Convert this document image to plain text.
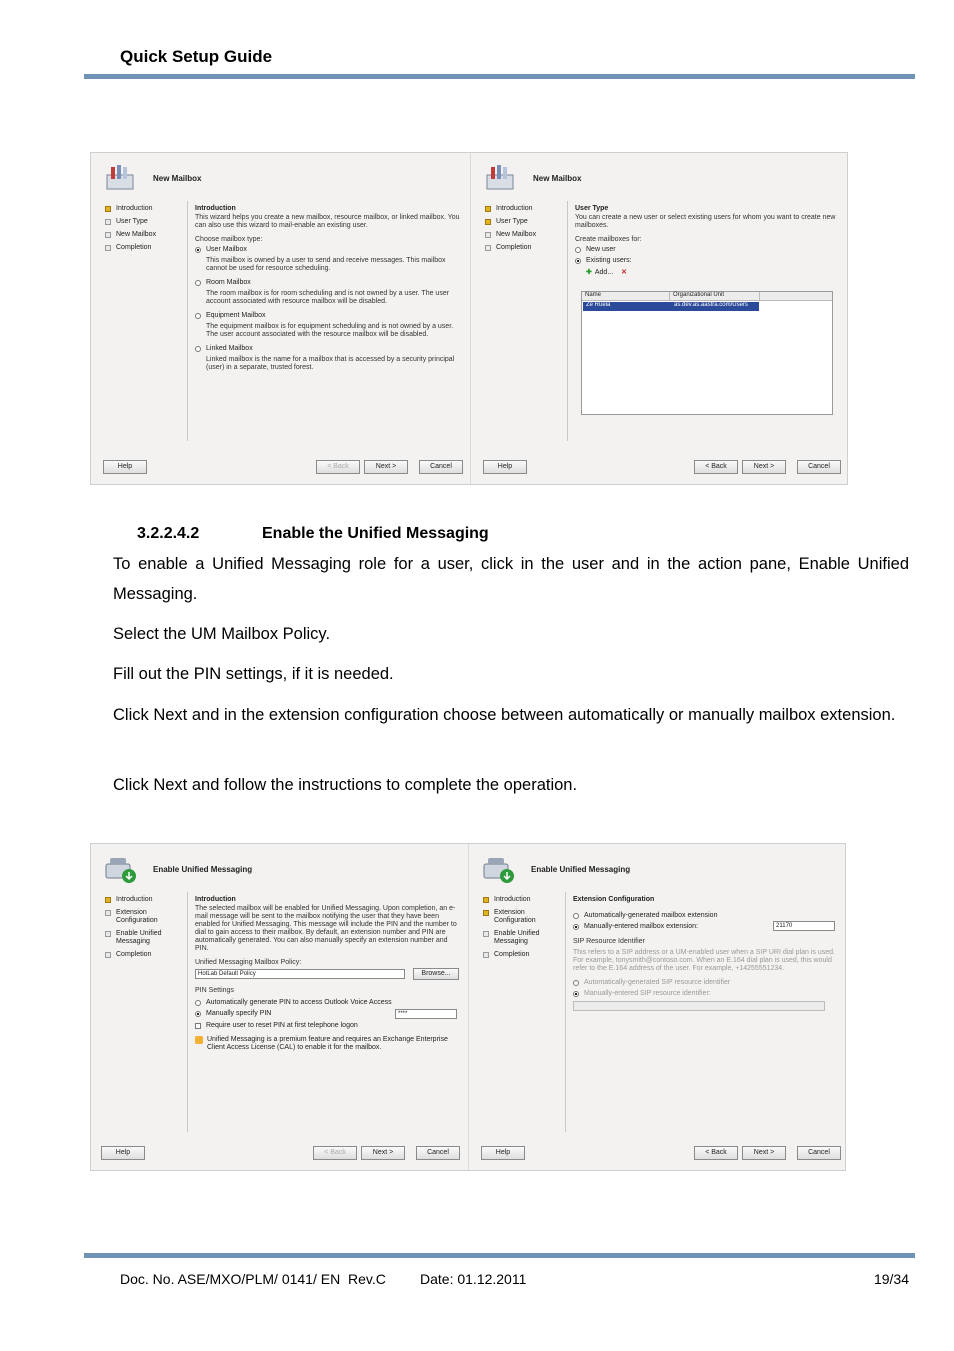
Quick Setup Guide
New Mailbox
Introduction
User Type
New Mailbox
Completion
Introduction
This wizard helps you create a new mailbox, resource mailbox, or linked mailbox. You can also use this wizard to mail-enable an existing user.
Choose mailbox type:
User Mailbox
This mailbox is owned by a user to send and receive messages. This mailbox cannot be used for resource scheduling.
Room Mailbox
The room mailbox is for room scheduling and is not owned by a user. The user account associated with resource mailbox will be disabled.
Equipment Mailbox
The equipment mailbox is for equipment scheduling and is not owned by a user. The user account associated with the resource mailbox will be disabled.
Linked Mailbox
Linked mailbox is the name for a mailbox that is accessed by a security principal (user) in a separate, trusted forest.
Help	< Back	Next >	Cancel
New Mailbox
Introduction
User Type
New Mailbox
Completion
User Type
You can create a new user or select existing users for whom you want to create new mailboxes.
Create mailboxes for:
New user
Existing users:
✚ Add... ✕
Name	Organizational Unit
Ze Ruela	as.dev.as.aastra.com/Users
Help	< Back	Next >	Cancel
3.2.2.4.2	Enable the Unified Messaging
To enable a Unified Messaging role for a user, click in the user and in the action pane, Enable Unified Messaging.
Select the UM Mailbox Policy.
Fill out the PIN settings, if it is needed.
Click Next and in the extension configuration choose between automatically or manually mailbox extension.
Click Next and follow the instructions to complete the operation.
Enable Unified Messaging
Introduction
Extension Configuration
Enable Unified Messaging
Completion
Introduction
The selected mailbox will be enabled for Unified Messaging. Upon completion, an e-mail message will be sent to the mailbox notifying the user that they have been enabled for Unified Messaging. This message will include the PIN and the number to dial to gain access to their mailbox. By default, an extension number and PIN are automatically generated. You can also manually specify an extension number and PIN.
Unified Messaging Mailbox Policy:
HotLab Default Policy	Browse...
PIN Settings
Automatically generate PIN to access Outlook Voice Access
Manually specify PIN	****
Require user to reset PIN at first telephone logon
Unified Messaging is a premium feature and requires an Exchange Enterprise Client Access License (CAL) to enable it for the mailbox.
Help	< Back	Next >	Cancel
Enable Unified Messaging
Introduction
Extension Configuration
Enable Unified Messaging
Completion
Extension Configuration
Automatically-generated mailbox extension
Manually-entered mailbox extension:	21170
SIP Resource Identifier
This refers to a SIP address or a UM-enabled user when a SIP URI dial plan is used. For example, tonysmith@contoso.com. When an E.164 dial plan is used, this would refer to the E.164 address of the user. For example, +14255551234.
Automatically-generated SIP resource identifier
Manually-entered SIP resource identifier:
Help	< Back	Next >	Cancel
Doc. No. ASE/MXO/PLM/ 0141/ EN  Rev.C Date: 01.12.2011	19/34
